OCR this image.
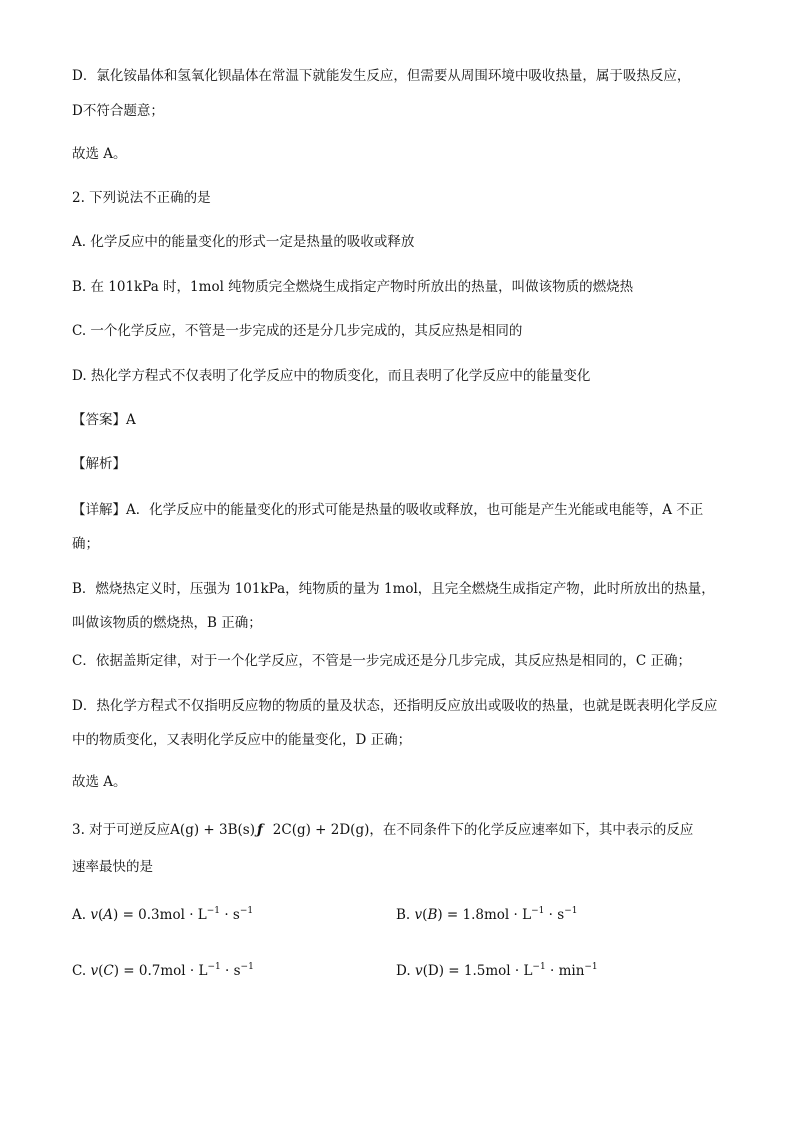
D．氯化铵晶体和氢氧化钡晶体在常温下就能发生反应，但需要从周围环境中吸收热量，属于吸热反应，
D不符合题意；
故选 A。
2. 下列说法不正确的是
A. 化学反应中的能量变化的形式一定是热量的吸收或释放
B. 在 101kPa 时，1mol 纯物质完全燃烧生成指定产物时所放出的热量，叫做该物质的燃烧热
C. 一个化学反应，不管是一步完成的还是分几步完成的，其反应热是相同的
D. 热化学方程式不仅表明了化学反应中的物质变化，而且表明了化学反应中的能量变化
【答案】A
【解析】
【详解】A．化学反应中的能量变化的形式可能是热量的吸收或释放，也可能是产生光能或电能等，A 不正确；
B．燃烧热定义时，压强为 101kPa，纯物质的量为 1mol，且完全燃烧生成指定产物，此时所放出的热量，叫做该物质的燃烧热，B 正确；
C．依据盖斯定律，对于一个化学反应，不管是一步完成还是分几步完成，其反应热是相同的，C 正确；
D．热化学方程式不仅指明反应物的物质的量及状态，还指明反应放出或吸收的热量，也就是既表明化学反应中的物质变化，又表明化学反应中的能量变化，D 正确；
故选 A。
3. 对于可逆反应A(g) + 3B(s) ƒ 2C(g) + 2D(g)，在不同条件下的化学反应速率如下，其中表示的反应
速率最快的是
A. $v(A) = 0.3mol \cdot L^{-1} \cdot s^{-1}$	B. $v(B) = 1.8mol \cdot L^{-1} \cdot s^{-1}$
C. $v(C) = 0.7mol \cdot L^{-1} \cdot s^{-1}$	D. $v(D) = 1.5mol \cdot L^{-1} \cdot \min^{-1}$
